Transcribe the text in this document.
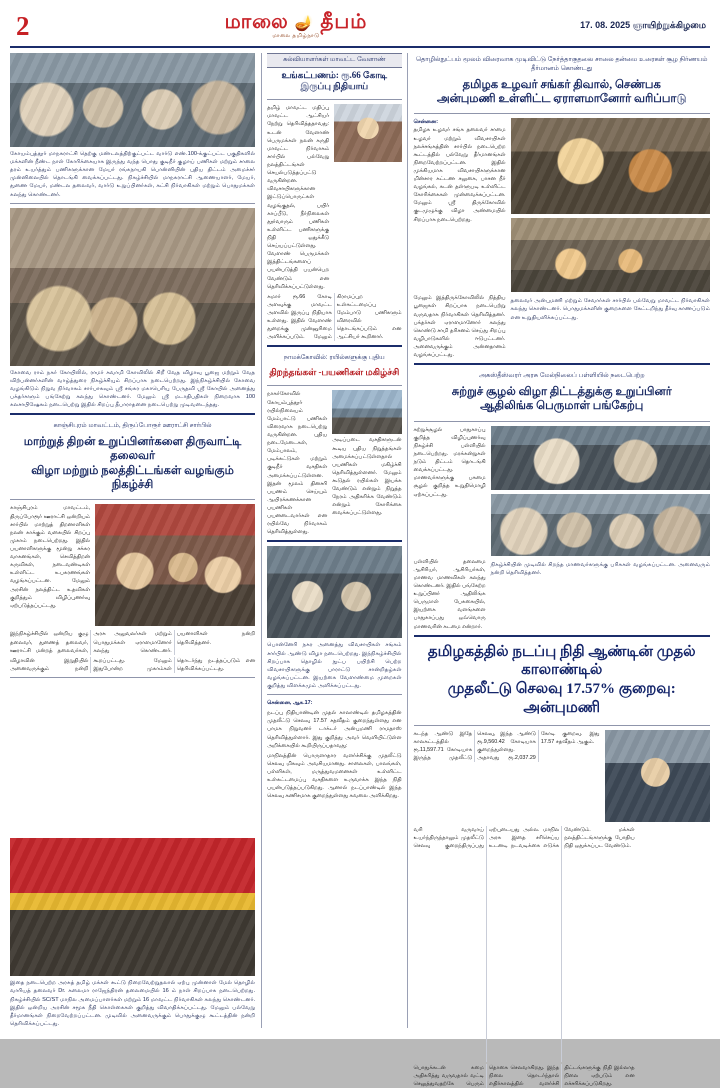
2	மாலை 🪔 தீபம்
மாலை தமிழ்நாடு
17. 08. 2025 ஞாயிற்றுக்கிழமை
கோயம்புத்தூர் மாநகராட்சி தெற்கு மண்டலத்திற்குட்பட்ட வார்டு எண்.100-க்குட்பட்ட பகுதிகளில் மக்களின் நீண்ட நாள் கோரிக்கையாக இருந்து வந்த பொது குடிநீர் குழாய் பணிகள் மற்றும் சாலை தரம் உயர்த்தும் பணிகளுக்கான மேயர் ரங்கநாயகி பொன்னியின் புதிய திட்டம் அமைச்சர் முன்னிலையில் தொடங்கி வைக்கப்பட்டது. நிகழ்ச்சியில் மாநகராட்சி ஆணையாளர், மேயர், துணை மேயர், மண்டல தலைவர், வார்டு உறுப்பினர்கள், கட்சி நிர்வாகிகள் மற்றும் பொதுமக்கள் கலந்து கொண்டனர்.
கோவை ராம் நகர் கோயிலில், ராமர் சுவாமி கோவிலில் சிறீ வேத விழாவு பூஜை மற்றும் வேத விற்பன்னர்களின் வாழ்த்துரை நிகழ்ச்சியும் சிறப்பாக நடைபெற்றது. இந்நிகழ்ச்சியில் கோவை வழங்கிடும் நிறுவ நிர்வாகம் சார்பாகவும் ஸ்ரீ சங்கர மகாபெரியு பேருதவி ஸ்ரீ கோயில் அனைத்து பக்தர்களும் பங்கேற்று கலந்து கொண்டனர். மேலும் ஸ்ரீ மடாதிபதிகள் நிறைவாக 100 கலசாபிஷேகம் நடைபெற்று இதில் சிறப்பு தீபாராதனை நடைபெற்று முடிவடைந்தது.
காஞ்சிபுரம் மாவட்டம், திருப்போரூர் ஊராட்சி சார்பில்
மாற்றுத் திறன் உறுப்பினர்களை திருவாட்டி தலைவர்
விழா மற்றும் நலத்திட்டங்கள் வழங்கும் நிகழ்ச்சி
காஞ்சிபுரம் மாவட்டம், திருப்போரூர் ஊராட்சி ஒன்றியம் சார்பில் மாற்றுத் திறனாளிகள் நலன் காக்கும் வகையில் சிறப்பு முகாம் நடைபெற்றது. இதில் பயனாளிகளுக்கு மூன்று சக்கர வாகனங்கள், செவித்திறன் கருவிகள், நடைவண்டிகள் உள்ளிட்ட உபகரணங்கள் வழங்கப்பட்டன. மேலும் அரசின் நலத்திட்ட உதவிகள் குறித்தும் விழிப்புணர்வு ஏற்படுத்தப்பட்டது.
இந்நிகழ்ச்சியில் ஒன்றிய குழு தலைவர், துணைத் தலைவர், ஊராட்சி மன்றத் தலைவர்கள், அரசு அலுவலர்கள் மற்றும் பொதுமக்கள் ஏராளமானோர் கலந்து கொண்டனர். பயனாளிகள் நன்றி தெரிவித்தனர்.
விழாவின் இறுதியில் அனைவருக்கும் நன்றி கூறப்பட்டது. மேலும் இதுபோன்ற முகாம்கள் தொடர்ந்து நடத்தப்படும் என தெரிவிக்கப்பட்டது.
இதை நடைபெற்ற அரசுத் தமிழ் மக்கள் கூட்டு நிறைவேற்றுதலால் ஏற்பு முன்னாள் மேல் தொழில் வாரியத் தலைவர் Dr. கலைமா ராஜேந்திரன் தலைமையில் 16 ம் நாள் சிறப்பாக நடைபெற்றது. நிகழ்ச்சியில் SC/ST மாநில அமைப்பாளர்கள் மற்றும் 16 மாவட்ட நிர்வாகிகள் கலந்து கொண்டனர். இதில் ஒன்றிய அரசின் சமூக நீதி கொள்கைகள் குறித்து விவாதிக்கப்பட்டது. மேலும் பல்வேறு தீர்மானங்கள் நிறைவேற்றப்பட்டன. முடிவில் அனைவருக்கும் பொதுக்குழு கூட்டத்தின் நன்றி தெரிவிக்கப்பட்டது.
கல்வியாளர்கள் மாவட்ட வேளாண்
உங்கட்பணம்: ரூ.66 கோடி இருப்பு நிதியாய்
தமிழ் மாவட்ட மதிப்பு மாவட்ட ஆட்சியர் நேற்று தெரிவித்ததாவது: உடன் வேளாண் பெருமக்கள் நலன் கருதி மாவட்ட நிர்வாகம் சார்பில் பல்வேறு நலத்திட்டங்கள் செயல்படுத்தப்பட்டு வருகின்றன. விவசாயிகளுக்கான இட்டுப்பொருட்கள் வழங்குதல், பயிர் காப்பீடு, நீர்நிலைகள் தூர்வாரும் பணிகள் உள்ளிட்ட பணிகளுக்கு நிதி ஒதுக்கீடு செய்யப்பட்டுள்ளது. வேளாண் பெருமக்கள் இத்திட்டங்களைப் பயன்படுத்தி பயன்பெற வேண்டும் என தெரிவிக்கப்பட்டுள்ளது.
சுமார் ரூ.66 கோடி அளவுக்கு மாவட்ட அளவில் இருப்பு நிதியாக உள்ளது. இதில் வேளாண் துறைக்கு முன்னுரிமை அளிக்கப்படும். மேலும் கிராமப்புற உள்கட்டமைப்பு மேம்பாடு பணிகளும் விரைவில் தொடங்கப்படும் என ஆட்சியர் கூறினார்.
நாமக்கோவில்: ரயில்களுக்கு புதிய
திறந்தங்கள் -பயணிகள் மகிழ்ச்சி
நாகர்கோவில் கோயம்புத்தூர் ரயில்நிலையம் மேம்பாட்டு பணிகள் விரைவாக நடைபெற்று வருகின்றன. புதிய நடைமேடைகள், மேம்பாலம், படிக்கட்டுகள் மற்றும் குடிநீர் வசதிகள் அமைக்கப்பட்டுள்ளன. இதன் மூலம் தினசரி பயணம் செய்யும் ஆயிரக்கணக்கான பயணிகள் பயனடைவார்கள் என ரயில்வே நிர்வாகம் தெரிவித்துள்ளது.
அடிப்படை வசதிகளுடன் கூடிய புதிய நிறுத்தங்கள் அமைக்கப்பட்டுள்ளதால் பயணிகள் மகிழ்ச்சி தெரிவித்துள்ளனர். மேலும் கூடுதல் ரயில்கள் இயக்க வேண்டும் என்றும் நிறுத்த நேரம் அதிகரிக்க வேண்டும் என்றும் கோரிக்கை வைக்கப்பட்டுள்ளது.
பொன்னேரி நகர அனைத்து விவசாயிகள் சங்கம் சார்பில் ஆண்டு விழா நடைபெற்றது. இந்நிகழ்ச்சியில் சிறப்பாக தொழில் நுட்ப பயிற்சி பெற்ற விவசாயிகளுக்கு பாராட்டு சான்றிதழ்கள் வழங்கப்பட்டன. இயற்கை வேளாண்மை முறைகள் குறித்து விளக்கமும் அளிக்கப்பட்டது.
சென்னை, ஆக.17:
நடப்பு நிதியாண்டின் முதல் காலாண்டில் தமிழகத்தின் முதலீட்டு செலவு 17.57 சதவீதம் குறைந்துள்ளது என பாமக நிறுவனர் டாக்டர் அன்புமணி ராமதாஸ் தெரிவித்துள்ளார். இது குறித்து அவர் வெளியிட்டுள்ள அறிக்கையில் கூறியிருப்பதாவது:
மாநிலத்தின் பொருளாதார வளர்ச்சிக்கு முதலீட்டு செலவு மிகவும் அவசியமானது. சாலைகள், பாலங்கள், பள்ளிகள், மருத்துவமனைகள் உள்ளிட்ட உள்கட்டமைப்பு வசதிகளை உருவாக்க இந்த நிதி பயன்படுத்தப்படுகிறது. ஆனால் நடப்பாண்டில் இந்த செலவு கணிசமாக குறைந்துள்ளது கவலை அளிக்கிறது.
தொழில்நுட்பம் மூலம் விரைவாக முடிவிட்டு நேர்த்தாகுதலை சாலை தன்மை உரைகள் சூழ நிர்ணயம் தீர்மானம் கொண்டது
தமிழக உழவர் சங்கர் திவால், செண்பக
அன்புமணி உள்ளிட்ட ஏராளமானோர் வரிப்பாடு
சென்னை:
தமிழக உழவர் சங்க தலைவர் சாமை உழவர் மற்றும் விவசாயிகள் நலச்சங்கத்தின் சார்பில் நடைபெற்ற கூட்டத்தில் பல்வேறு தீர்மானங்கள் நிறைவேற்றப்பட்டன. இதில் முக்கியமாக விவசாயிகளுக்கான மின்சார கட்டண சலுகை, பாசன நீர் வழங்கல், கடன் தள்ளுபடி உள்ளிட்ட கோரிக்கைகள் முன்வைக்கப்பட்டன. மேலும் ஸ்ரீ திருக்கோவில் குடமுழுக்கு விழா அண்மையில் சிறப்பாக நடைபெற்றது.
மேலும் இத்திருக்கோவிலில் நித்திய பூஜைகள் சிறப்பாக நடைபெற்று வருவதாக நிர்வாகிகள் தெரிவித்தனர். பக்தர்கள் ஏராளமானோர் கலந்து கொண்டு சாமி தரிசனம் செய்து சிறப்பு வழிபாடுகளில் ஈடுபட்டனர். அனைவருக்கும் அன்னதானம் வழங்கப்பட்டது.
தலைவர் அன்புமணி மற்றும் சேவார்கள் சார்பில் பல்வேறு மாவட்ட நிர்வாகிகள் கலந்து கொண்டனர். பொதுமக்களின் குறைகளை கேட்டறிந்து தீர்வு காணப்படும் என உறுதியளிக்கப்பட்டது.
அகஸ்தீஸ்வரர் அரசு மேல்நிலைப் பள்ளியில் நடைபெற்ற
சுற்றுச் சூழல் விழா திட்டத்துக்கு உறுப்பினர்
ஆதிலிங்க பெருமாள் பங்கேற்பு
சுற்றுச்சூழல் பாதுகாப்பு குறித்த விழிப்புணர்வு நிகழ்ச்சி பள்ளியில் நடைபெற்றது. மரக்கன்றுகள் நடும் திட்டம் தொடங்கி வைக்கப்பட்டது. மாணவர்களுக்கு பசுமை சூழல் குறித்த உறுதிமொழி ஏற்கப்பட்டது.
பள்ளியில் தலைமை ஆசிரியர், ஆசிரியர்கள், மாணவ மாணவிகள் கலந்து கொண்டனர். இதில் பங்கேற்ற உறுப்பினர் ஆதிலிங்க பெருமாள் பேசுகையில், இயற்கை வளங்களை பாதுகாப்பது ஒவ்வொரு மாணவரின் கடமை என்றார்.
நிகழ்ச்சியின் முடிவில் சிறந்த மாணவர்களுக்கு பரிசுகள் வழங்கப்பட்டன. அனைவரும் நன்றி தெரிவித்தனர்.
தமிழகத்தில் நடப்பு நிதி ஆண்டின் முதல் காலாண்டில்
முதலீட்டு செலவு 17.57% குறைவு: அன்புமணி
கடந்த ஆண்டு இதே காலகட்டத்தில் ரூ.11,597.71 கோடியாக இருந்த முதலீட்டு செலவு, இந்த ஆண்டு ரூ.9,560.42 கோடியாக குறைந்துள்ளது. அதாவது ரூ.2,037.29 கோடி குறைவு. இது 17.57 சதவீதம் ஆகும்.
வரி வருவாய் உயர்ந்திருந்தாலும் முதலீட்டு செலவு குறைந்திருப்பது ஏற்புடையது அல்ல. மாநில அரசு இதை சரிசெய்ய உடனடி நடவடிக்கை எடுக்க வேண்டும். மக்கள் நலத்திட்டங்களுக்கு போதிய நிதி ஒதுக்கப்பட வேண்டும்.
பொதுக்கடன் சுமை அதிகரித்து வருவதால் வட்டி செலுத்துவதற்கே பெரும் தொகை செலவாகிறது. இந்த நிலை தொடர்ந்தால் எதிர்காலத்தில் வளர்ச்சி திட்டங்களுக்கு நிதி இல்லாத நிலை ஏற்படும் என எச்சரிக்கப்படுகிறது.
